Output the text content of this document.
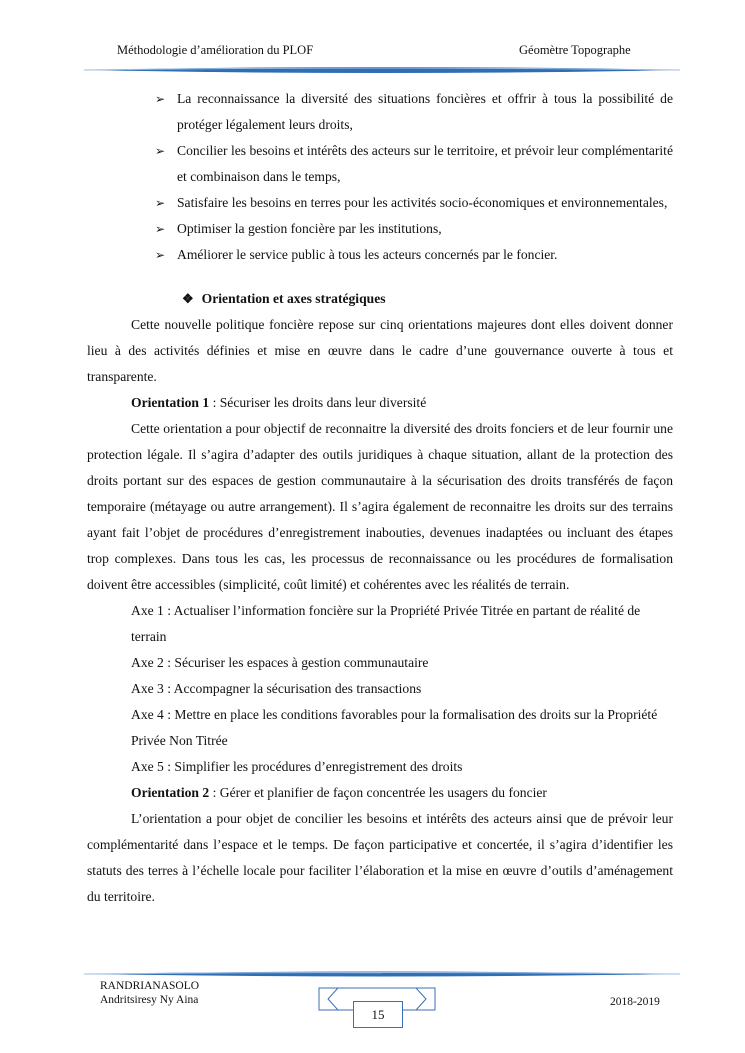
Méthodologie d’amélioration du PLOF	Géomètre Topographe
➢ La reconnaissance la diversité des situations foncières et offrir à tous la possibilité de protéger légalement leurs droits,
➢ Concilier les besoins et intérêts des acteurs sur le territoire, et prévoir leur complémentarité et combinaison dans le temps,
➢ Satisfaire les besoins en terres pour les activités socio-économiques et environnementales,
➢ Optimiser la gestion foncière par les institutions,
➢ Améliorer le service public à tous les acteurs concernés par le foncier.
❖ Orientation et axes stratégiques
Cette nouvelle politique foncière repose sur cinq orientations majeures dont elles doivent donner lieu à des activités définies et mise en œuvre dans le cadre d’une gouvernance ouverte à tous et transparente.
Orientation 1 : Sécuriser les droits dans leur diversité
Cette orientation a pour objectif de reconnaitre la diversité des droits fonciers et de leur fournir une protection légale. Il s’agira d’adapter des outils juridiques à chaque situation, allant de la protection des droits portant sur des espaces de gestion communautaire à la sécurisation des droits transférés de façon temporaire (métayage ou autre arrangement). Il s’agira également de reconnaitre les droits sur des terrains ayant fait l’objet de procédures d’enregistrement inabouties, devenues inadaptées ou incluant des étapes trop complexes. Dans tous les cas, les processus de reconnaissance ou les procédures de formalisation doivent être accessibles (simplicité, coût limité) et cohérentes avec les réalités de terrain.
Axe 1 : Actualiser l’information foncière sur la Propriété Privée Titrée en partant de réalité de terrain
Axe 2 : Sécuriser les espaces à gestion communautaire
Axe 3 : Accompagner la sécurisation des transactions
Axe 4 : Mettre en place les conditions favorables pour la formalisation des droits sur la Propriété Privée Non Titrée
Axe 5 : Simplifier les procédures d’enregistrement des droits
Orientation 2 : Gérer et planifier de façon concentrée les usagers du foncier
L’orientation a pour objet de concilier les besoins et intérêts des acteurs ainsi que de prévoir leur complémentarité dans l’espace et le temps. De façon participative et concertée, il s’agira d’identifier les statuts des terres à l’échelle locale pour faciliter l’élaboration et la mise en œuvre d’outils d’aménagement du territoire.
RANDRIANASOLO
Andritsiresy Ny Aina
15
2018-2019
